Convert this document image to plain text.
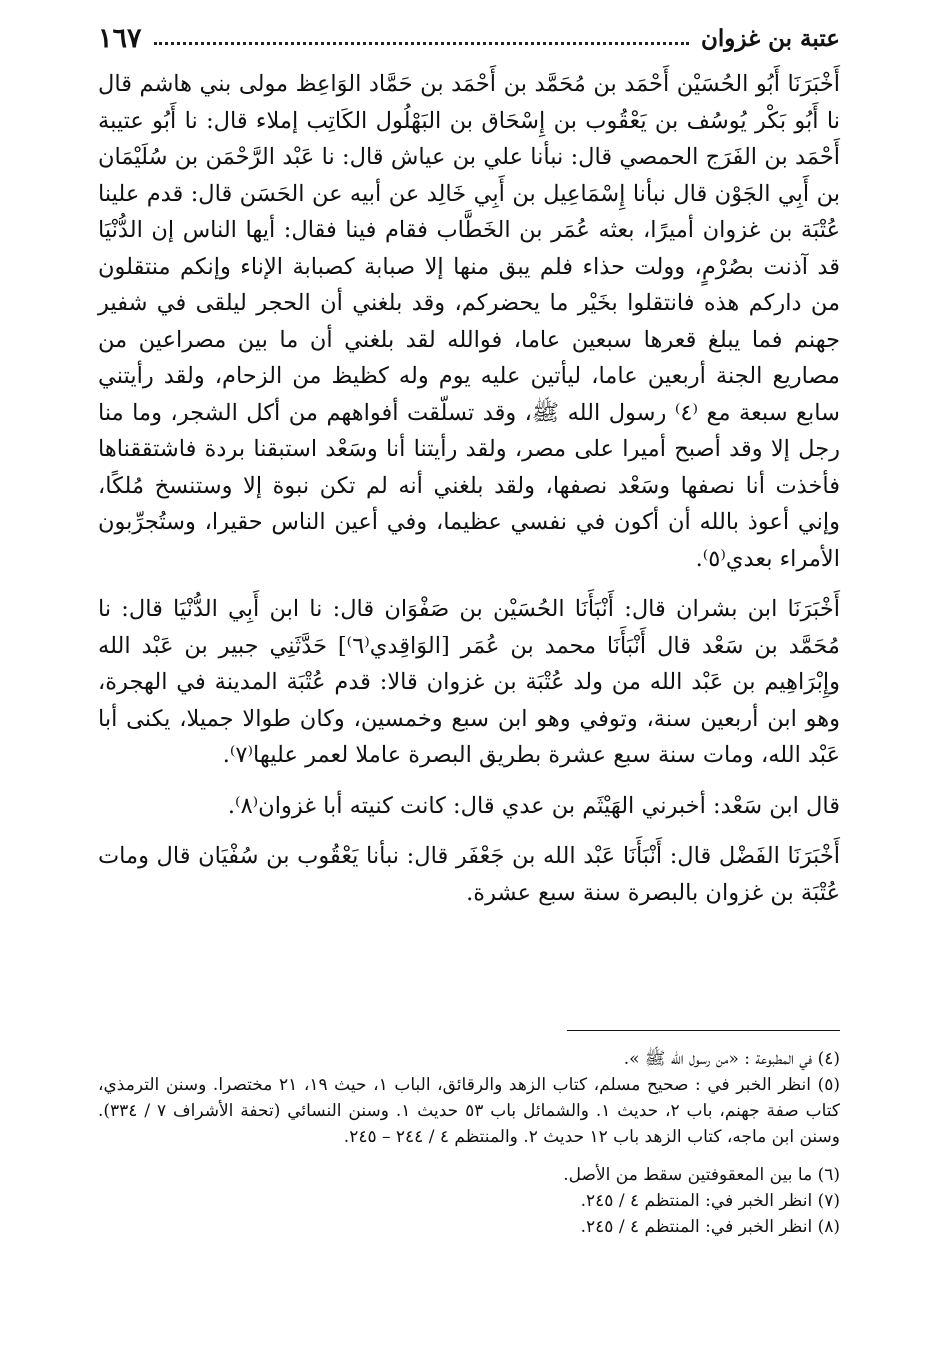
عتبة بن غزوان
١٦٧

أَخْبَرَنَا أَبُو الحُسَيْن أَحْمَد بن مُحَمَّد بن أَحْمَد بن حَمَّاد الوَاعِظ مولى بني هاشم قال نا أَبُو بَكْر يُوسُف بن يَعْقُوب بن إِسْحَاق بن البَهْلُول الكَاتِب إملاء قال: نا أَبُو عتيبة أَحْمَد بن الفَرَج الحمصي قال: نبأنا علي بن عياش قال: نا عَبْد الرَّحْمَن بن سُلَيْمَان بن أَبِي الجَوْن قال نبأنا إِسْمَاعِيل بن أَبِي خَالِد عن أبيه عن الحَسَن قال: قدم علينا عُتْبَة بن غزوان أميرًا، بعثه عُمَر بن الخَطَّاب فقام فينا فقال: أيها الناس إن الدُّنْيَا قد آذنت بصُرْمٍ، وولت حذاء فلم يبق منها إلا صبابة كصبابة الإناء وإنكم منتقلون من داركم هذه فانتقلوا بخَيْر ما يحضركم، وقد بلغني أن الحجر ليلقى في شفير جهنم فما يبلغ قعرها سبعين عاما، فوالله لقد بلغني أن ما بين مصراعين من مصاريع الجنة أربعين عاما، ليأتين عليه يوم وله كظيظ من الزحام، ولقد رأيتني سابع سبعة مع ⁽٤⁾ رسول الله ﷺ، وقد تسلّقت أفواههم من أكل الشجر، وما منا رجل إلا وقد أصبح أميرا على مصر، ولقد رأيتنا أنا وسَعْد استبقنا بردة فاشتققناها فأخذت أنا نصفها وسَعْد نصفها، ولقد بلغني أنه لم تكن نبوة إلا وستنسخ مُلكًا، وإني أعوذ بالله أن أكون في نفسي عظيما، وفي أعين الناس حقيرا، وستُجرِّبون الأمراء بعدي⁽٥⁾.

أَخْبَرَنَا ابن بشران قال: أَنْبَأَنَا الحُسَيْن بن صَفْوَان قال: نا ابن أَبِي الدُّنْيَا قال: نا مُحَمَّد بن سَعْد قال أَنْبَأَنَا محمد بن عُمَر [الوَاقِدي⁽٦⁾] حَدَّثَنِي جبير بن عَبْد الله وإِبْرَاهِيم بن عَبْد الله من ولد عُتْبَة بن غزوان قالا: قدم عُتْبَة المدينة في الهجرة، وهو ابن أربعين سنة، وتوفي وهو ابن سبع وخمسين، وكان طوالا جميلا، يكنى أبا عَبْد الله، ومات سنة سبع عشرة بطريق البصرة عاملا لعمر عليها⁽٧⁾.

قال ابن سَعْد: أخبرني الهَيْثَم بن عدي قال: كانت كنيته أبا غزوان⁽٨⁾.

أَخْبَرَنَا الفَضْل قال: أَنْبَأَنَا عَبْد الله بن جَعْفَر قال: نبأنا يَعْقُوب بن سُفْيَان قال ومات عُتْبَة بن غزوان بالبصرة سنة سبع عشرة.

(٤) في المطبوعة : «من رسول الله ﷺ ».

(٥) انظر الخبر في : صحيح مسلم، كتاب الزهد والرقائق، الباب ١، حيث ١٩، ٢١ مختصرا. وسنن الترمذي، كتاب صفة جهنم، باب ٢، حديث ١. والشمائل باب ٥٣ حديث ١. وسنن النسائي (تحفة الأشراف ٧ / ٣٣٤). وسنن ابن ماجه، كتاب الزهد باب ١٢ حديث ٢. والمنتظم ٤ / ٢٤٤ – ٢٤٥.

(٦) ما بين المعقوفتين سقط من الأصل.

(٧) انظر الخبر في: المنتظم ٤ / ٢٤٥.

(٨) انظر الخبر في: المنتظم ٤ / ٢٤٥.
